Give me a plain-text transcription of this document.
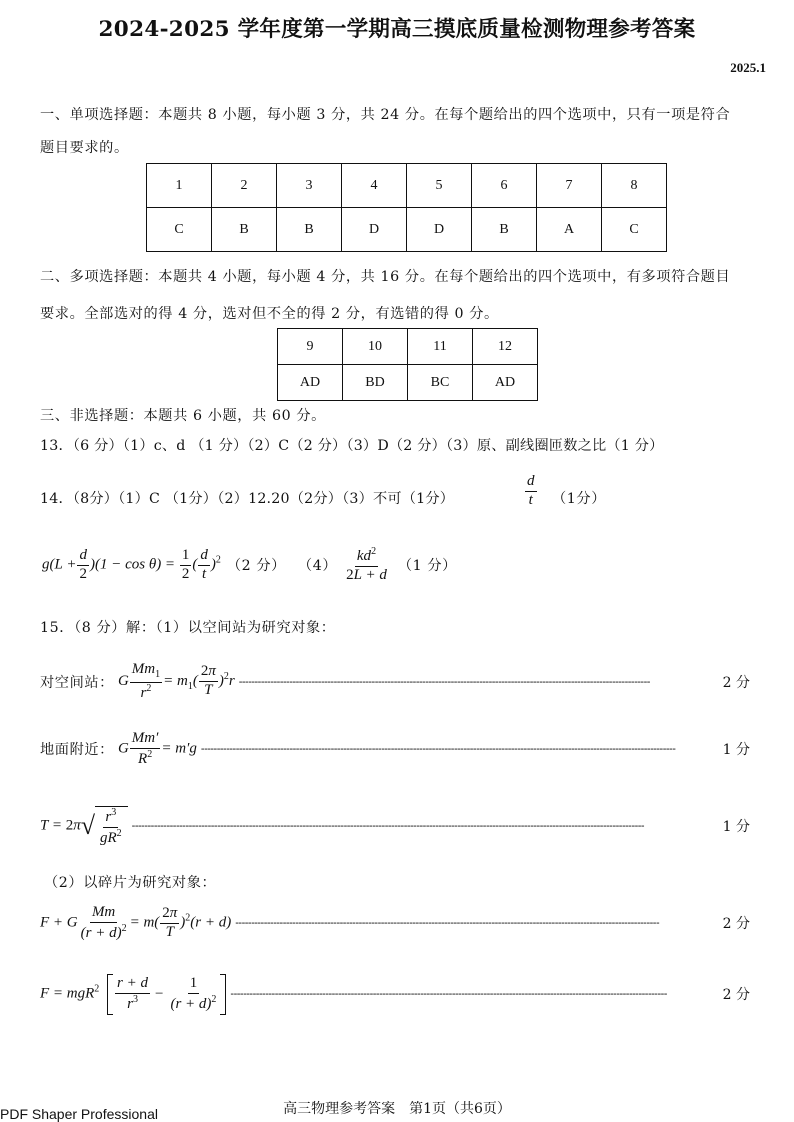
2024-2025 学年度第一学期高三摸底质量检测物理参考答案
2025.1
一、单项选择题：本题共 8 小题，每小题 3 分，共 24 分。在每个题给出的四个选项中，只有一项是符合
题目要求的。
1	2	3	4	5	6	7	8
C	B	B	D	D	B	A	C
二、多项选择题：本题共 4 小题，每小题 4 分，共 16 分。在每个题给出的四个选项中，有多项符合题目
要求。全部选对的得 4 分，选对但不全的得 2 分，有选错的得 0 分。
9	10	11	12
AD	BD	BC	AD
三、非选择题：本题共 6 小题，共 60 分。
13．（6 分）（1）c、d （1 分）（2）C（2 分）（3）D（2 分）（3）原、副线圈匝数之比（1 分）
14．（8分）（1）C （1分）（2）12.20（2分）（3）不可（1分）	$\frac{d}{t} (1$分）
$g(L + \frac{d}{2} )(1 - \cos \theta) = \frac{1}{2}$ ( $\frac{d}{t} )^2$ （2 分） $(4) \frac{kd^2}{2L + d} (1$ 分）
15．（8 分）解：（1）以空间站为研究对象：
对空间站： G $\frac{Mm_1}{r^2} = m_1( \frac{2\pi}{T} )^2r$ ----------------------------------------------------------------------------------------------------------------------------------	2 分
地面附近： G $\frac{Mm'}{R^2} = m'g$ ------------------------------------------------------------------------------------------------------------------------------------------------------	1 分
T = 2π √ $\frac{r^3}{gR^2}$ ------------------------------------------------------------------------------------------------------------------------------------------------------------------	1 分
（2）以碎片为研究对象：
F + G $\frac{Mm}{(r + d)^2} = m( \frac{2\pi}{T} )^2(r + d)$ --------------------------------------------------------------------------------------------------------------------------------------	2 分
$F = mgR^2 \frac{r + d}{r^3} - \frac{1}{(r + d)^2}$ ------------------------------------------------------------------------------------------------------------------------------------------	2 分
高三物理参考答案　第1页（共6页）
PDF Shaper Professional
